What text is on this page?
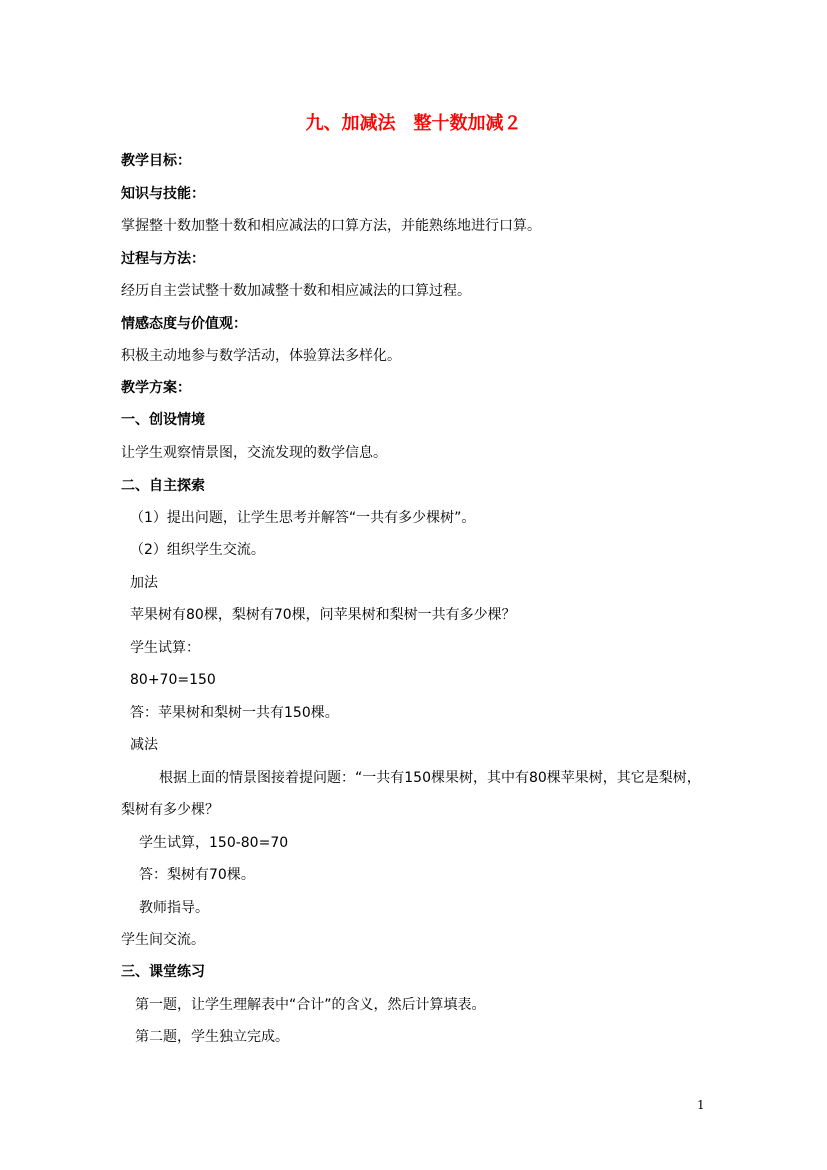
九、加减法　整十数加减２
教学目标：
知识与技能：
掌握整十数加整十数和相应减法的口算方法，并能熟练地进行口算。
过程与方法：
经历自主尝试整十数加减整十数和相应减法的口算过程。
情感态度与价值观：
积极主动地参与数学活动，体验算法多样化。
教学方案：
一、创设情境
让学生观察情景图，交流发现的数学信息。
二、自主探索
（1）提出问题，让学生思考并解答“一共有多少棵树”。
（2）组织学生交流。
加法
苹果树有80棵，梨树有70棵，问苹果树和梨树一共有多少棵？
学生试算：
80+70=150
答：苹果树和梨树一共有150棵。
减法
根据上面的情景图接着提问题：“一共有150棵果树，其中有80棵苹果树，其它是梨树，
梨树有多少棵？
学生试算，150-80=70
答：梨树有70棵。
教师指导。
学生间交流。
三、课堂练习
第一题，让学生理解表中“合计”的含义，然后计算填表。
第二题，学生独立完成。
1
